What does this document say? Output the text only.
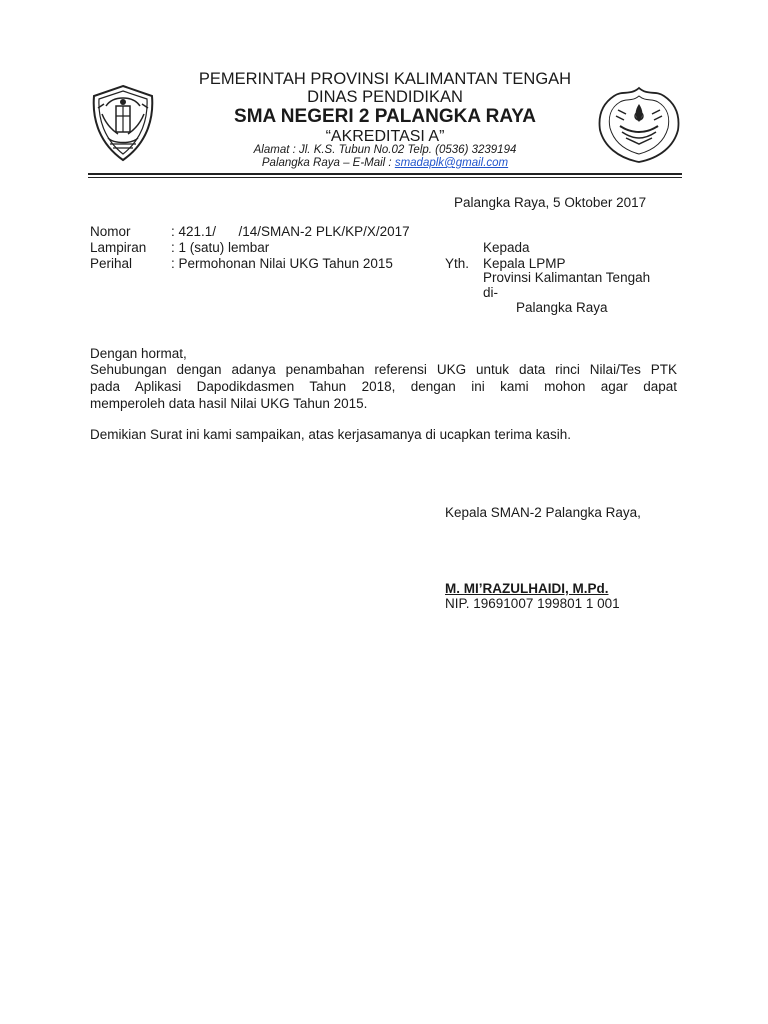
PEMERINTAH PROVINSI KALIMANTAN TENGAH
DINAS PENDIDIKAN
SMA NEGERI 2 PALANGKA RAYA
“AKREDITASI A”
Alamat : Jl. K.S. Tubun No.02 Telp. (0536) 3239194
Palangka Raya – E-Mail : smadaplk@gmail.com
Palangka Raya, 5 Oktober 2017
Nomor	: 421.1/      /14/SMAN-2 PLK/KP/X/2017
Lampiran : 1 (satu) lembar
Perihal	: Permohonan Nilai UKG Tahun 2015
Kepada
Yth. Kepala LPMP
Provinsi Kalimantan Tengah
di-
Palangka Raya
Dengan hormat,
Sehubungan dengan adanya penambahan referensi UKG untuk data rinci Nilai/Tes PTK
pada Aplikasi Dapodikdasmen Tahun 2018, dengan ini kami mohon agar dapat
memperoleh data hasil Nilai UKG Tahun 2015.
Demikian Surat ini kami sampaikan, atas kerjasamanya di ucapkan terima kasih.
Kepala SMAN-2 Palangka Raya,
M. MI’RAZULHAIDI, M.Pd.
NIP. 19691007 199801 1 001
